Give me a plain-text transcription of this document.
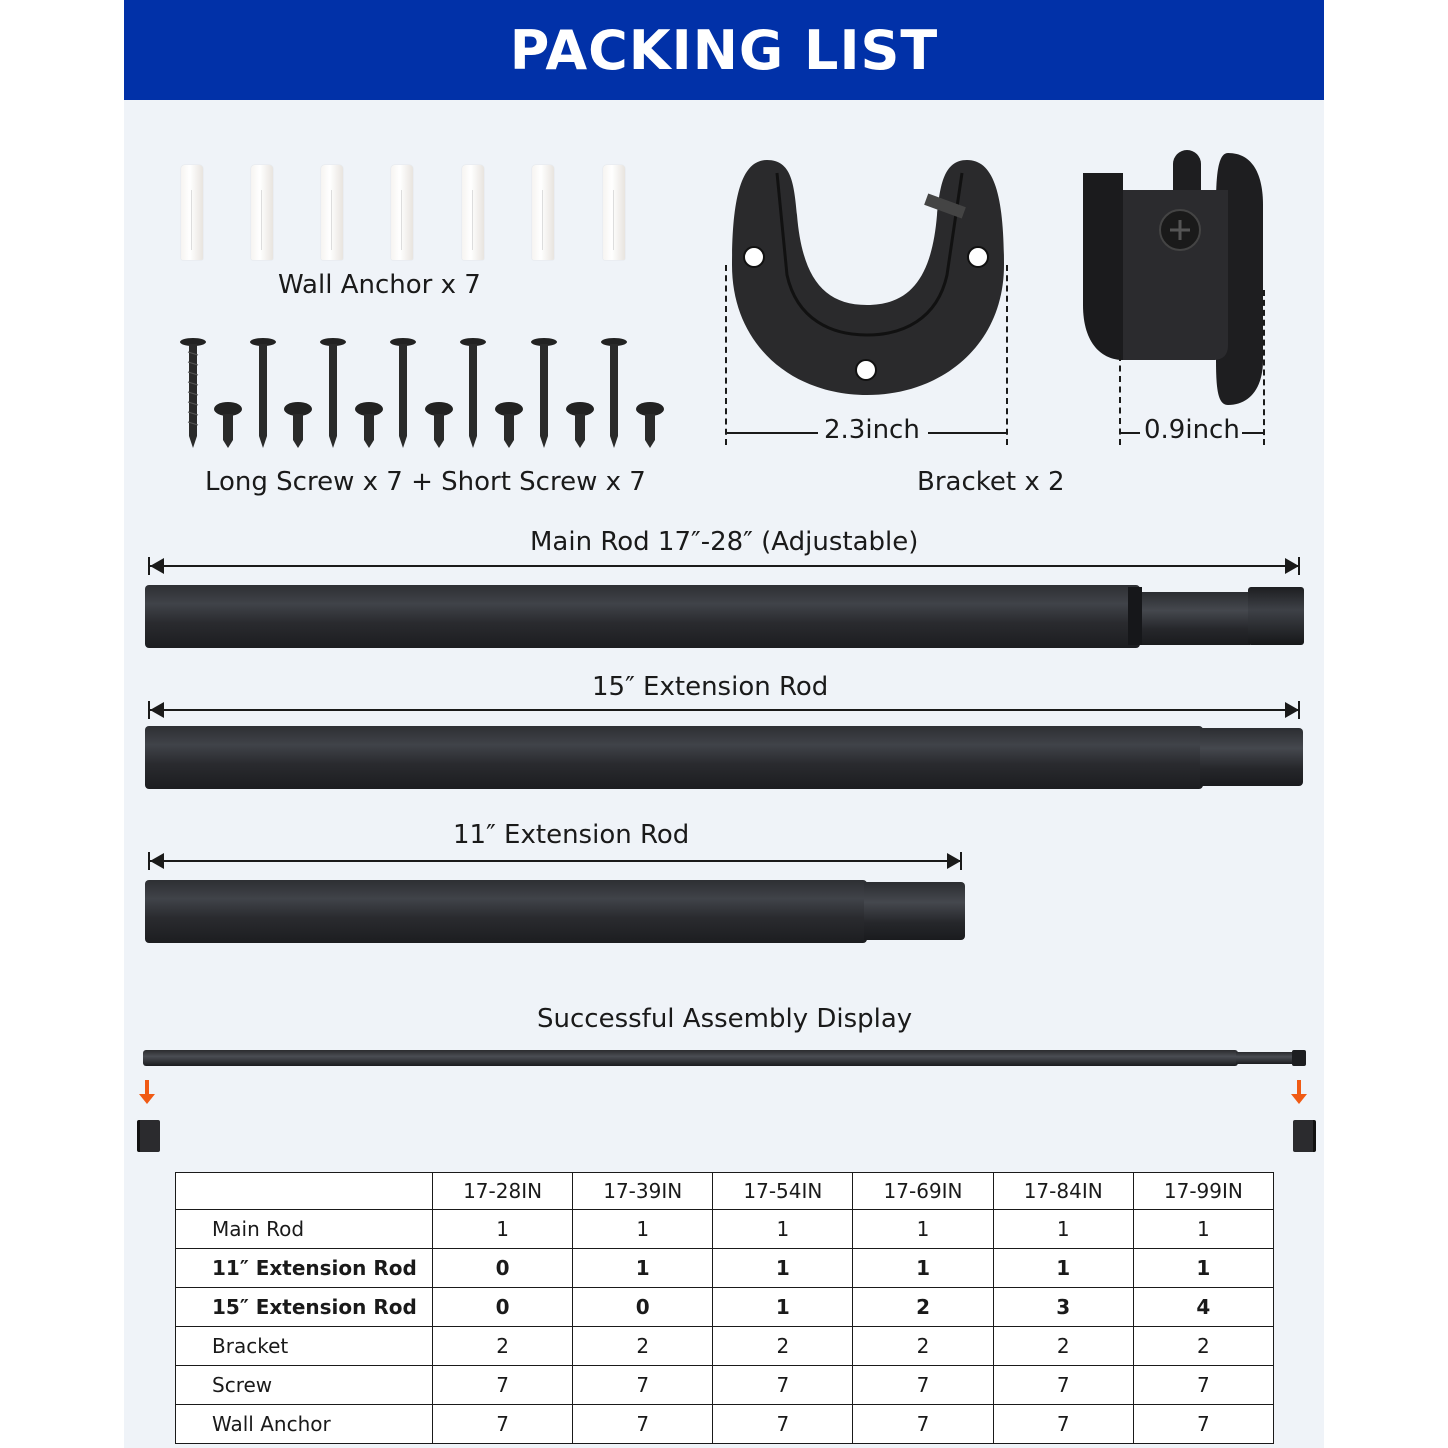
PACKING LIST
Wall Anchor x 7
Long Screw x 7 + Short Screw x 7
2.3inch	0.9inch
Bracket x 2
Main Rod 17″-28″ (Adjustable)
15″ Extension Rod
11″ Extension Rod
Successful Assembly Display
	17-28IN	17-39IN	17-54IN	17-69IN	17-84IN	17-99IN
Main Rod	1	1	1	1	1	1
11″ Extension Rod	0	1	1	1	1	1
15″ Extension Rod	0	0	1	2	3	4
Bracket	2	2	2	2	2	2
Screw	7	7	7	7	7	7
Wall Anchor	7	7	7	7	7	7
